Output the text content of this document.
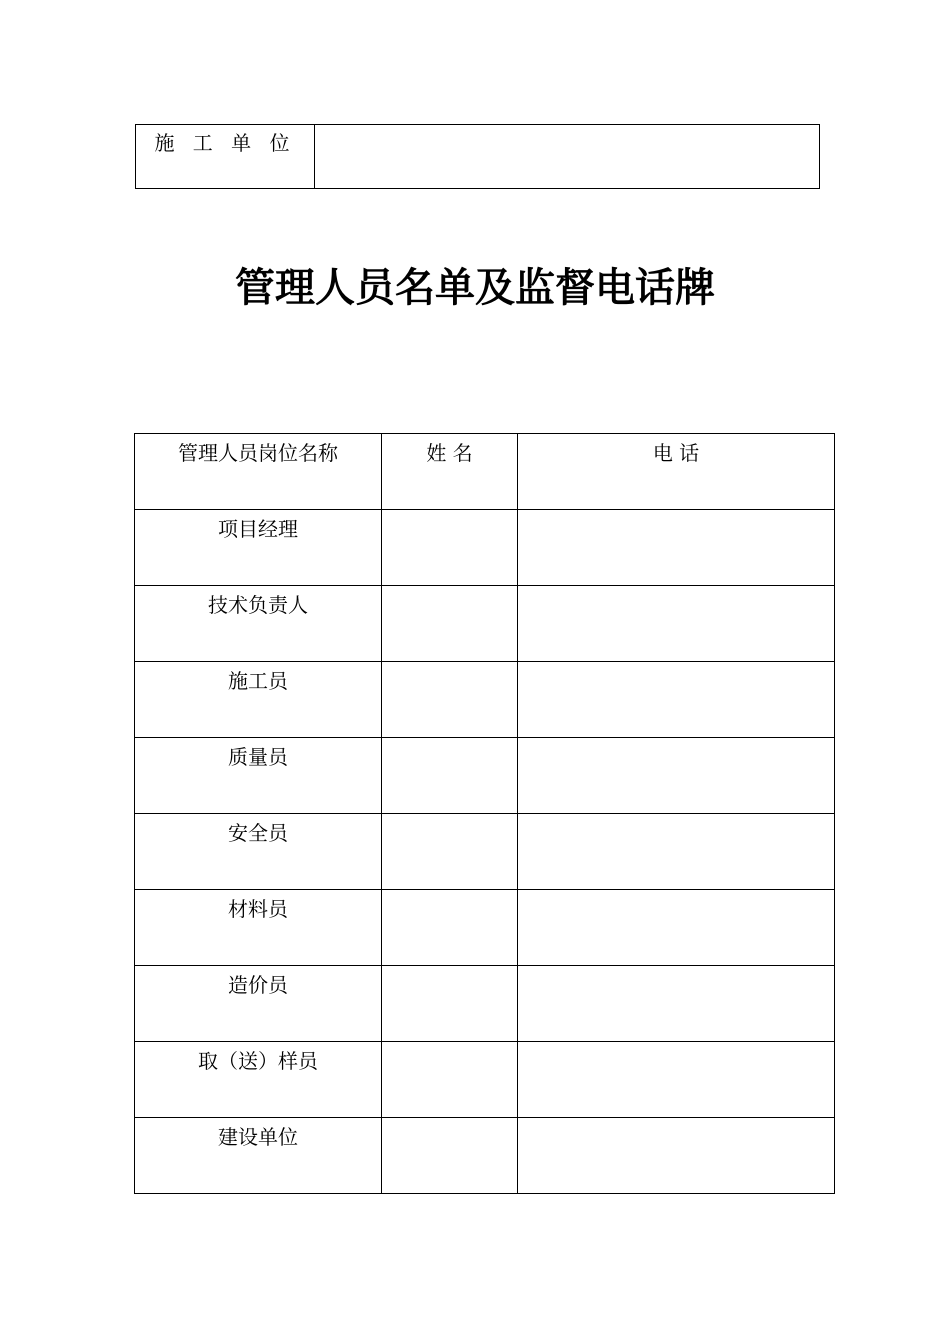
施 工 单 位	
管理人员名单及监督电话牌
管理人员岗位名称	姓 名	电 话
项目经理		
技术负责人		
施工员		
质量员		
安全员		
材料员		
造价员		
取（送）样员		
建设单位		
